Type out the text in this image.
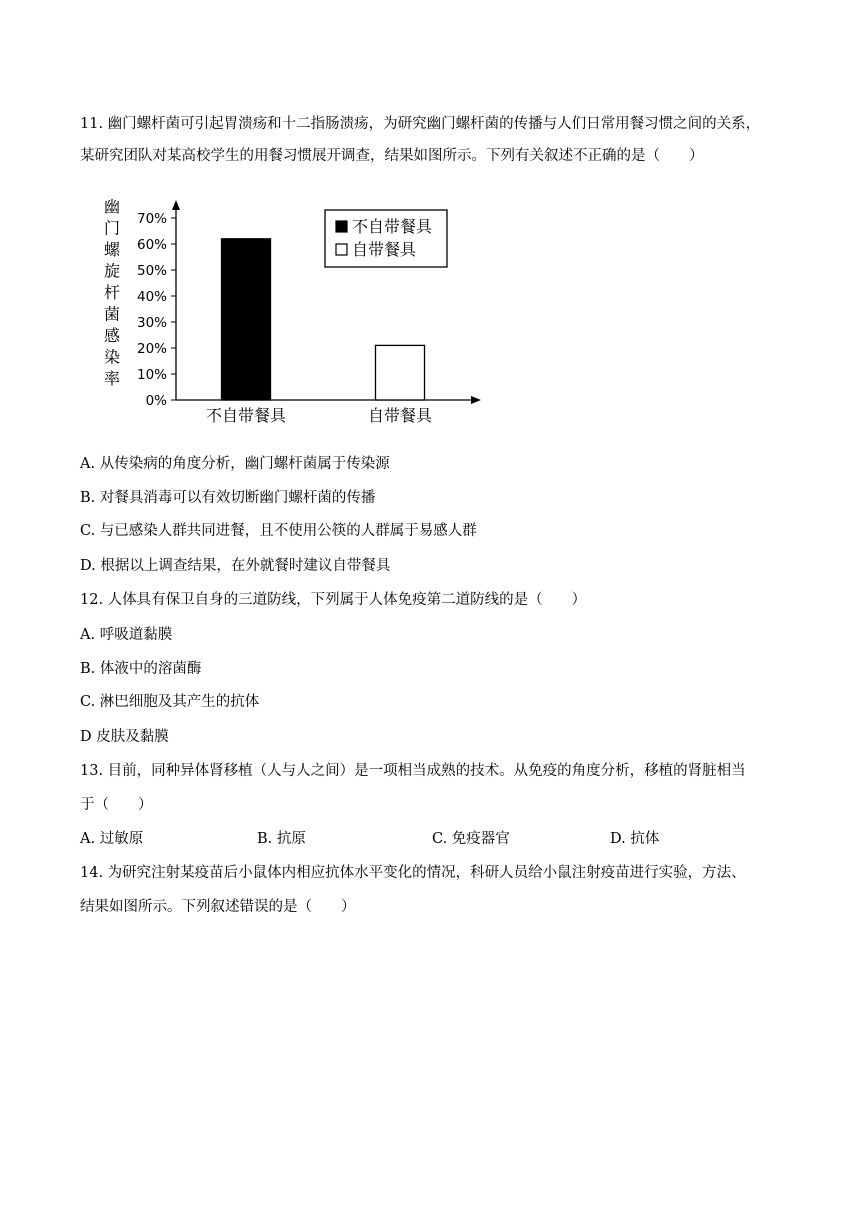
11. 幽门螺杆菌可引起胃溃疡和十二指肠溃疡，为研究幽门螺杆菌的传播与人们日常用餐习惯之间的关系，
某研究团队对某高校学生的用餐习惯展开调查，结果如图所示。下列有关叙述不正确的是（　　）
0%
10%
20%
30%
40%
50%
60%
70%
幽
门
螺
旋
杆
菌
感
染
率
不自带餐具	自带餐具
不自带餐具
自带餐具
A. 从传染病的角度分析，幽门螺杆菌属于传染源
B. 对餐具消毒可以有效切断幽门螺杆菌的传播
C. 与已感染人群共同进餐，且不使用公筷的人群属于易感人群
D. 根据以上调查结果，在外就餐时建议自带餐具
12. 人体具有保卫自身的三道防线，下列属于人体免疫第二道防线的是（　　）
A. 呼吸道黏膜
B. 体液中的溶菌酶
C. 淋巴细胞及其产生的抗体
D 皮肤及黏膜
13. 目前，同种异体肾移植（人与人之间）是一项相当成熟的技术。从免疫的角度分析，移植的肾脏相当
于（　　）
A. 过敏原	B. 抗原	C. 免疫器官	D. 抗体
14. 为研究注射某疫苗后小鼠体内相应抗体水平变化的情况，科研人员给小鼠注射疫苗进行实验，方法、
结果如图所示。下列叙述错误的是（　　）
